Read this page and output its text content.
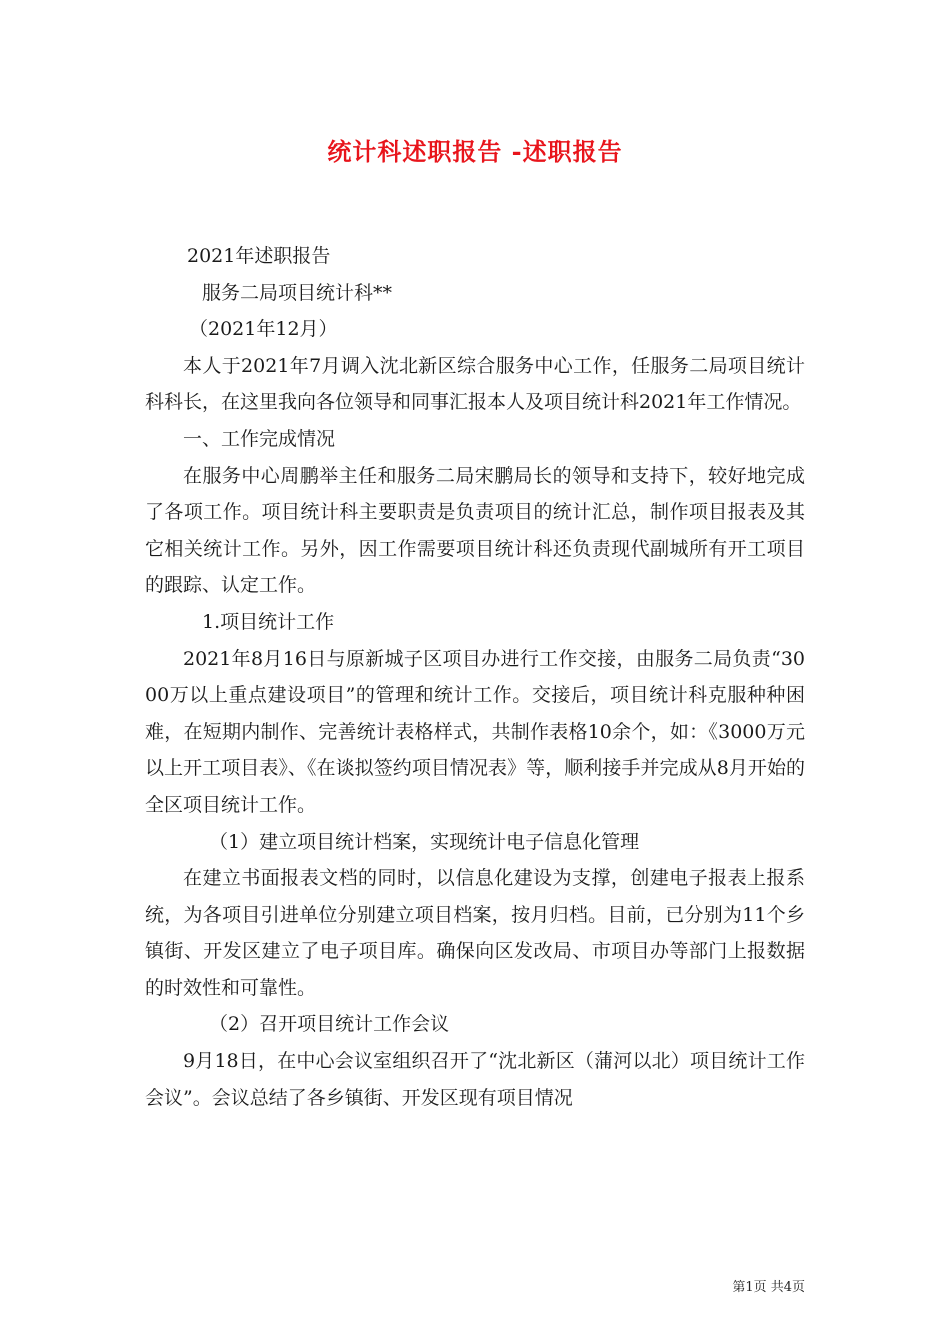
统计科述职报告 -述职报告

2021年述职报告

服务二局项目统计科**

（2021年12月）

本人于2021年7月调入沈北新区综合服务中心工作，任服务二局项目统计科科长，在这里我向各位领导和同事汇报本人及项目统计科2021年工作情况。

一、工作完成情况

在服务中心周鹏举主任和服务二局宋鹏局长的领导和支持下，较好地完成了各项工作。项目统计科主要职责是负责项目的统计汇总，制作项目报表及其它相关统计工作。另外，因工作需要项目统计科还负责现代副城所有开工项目的跟踪、认定工作。

1.项目统计工作

2021年8月16日与原新城子区项目办进行工作交接，由服务二局负责“3000万以上重点建设项目”的管理和统计工作。交接后，项目统计科克服种种困难，在短期内制作、完善统计表格样式，共制作表格10余个，如：《3000万元以上开工项目表》、《在谈拟签约项目情况表》等，顺利接手并完成从8月开始的全区项目统计工作。

（1）建立项目统计档案，实现统计电子信息化管理

在建立书面报表文档的同时，以信息化建设为支撑，创建电子报表上报系统，为各项目引进单位分别建立项目档案，按月归档。目前，已分别为11个乡镇街、开发区建立了电子项目库。确保向区发改局、市项目办等部门上报数据的时效性和可靠性。

（2）召开项目统计工作会议

9月18日，在中心会议室组织召开了“沈北新区（蒲河以北）项目统计工作会议”。会议总结了各乡镇街、开发区现有项目情况

第1页 共4页
